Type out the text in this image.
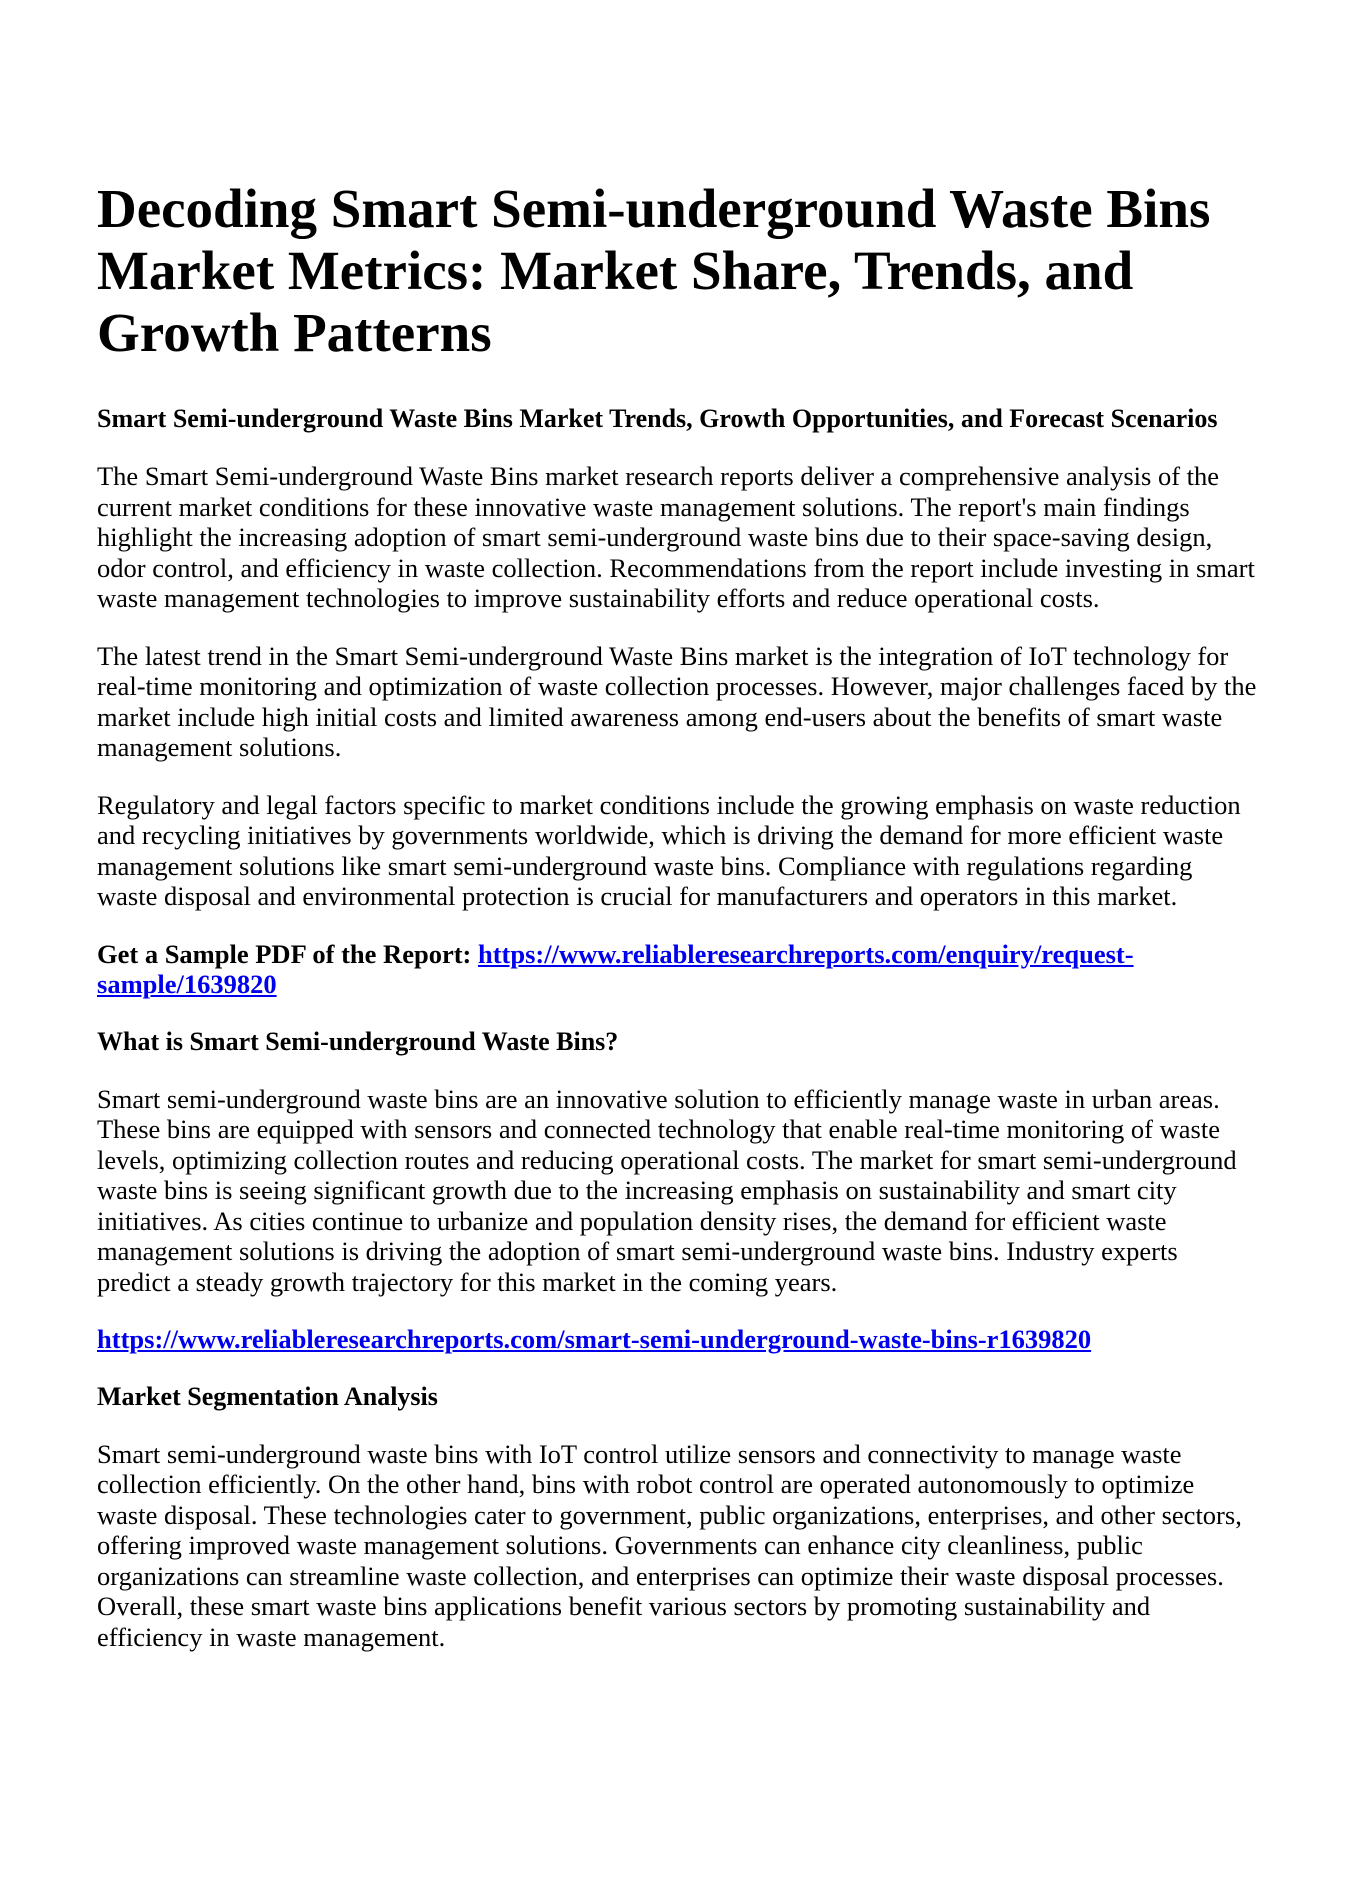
Decoding Smart Semi-underground Waste Bins Market Metrics: Market Share, Trends, and Growth Patterns
Smart Semi-underground Waste Bins Market Trends, Growth Opportunities, and Forecast Scenarios

The Smart Semi-underground Waste Bins market research reports deliver a comprehensive analysis of the current market conditions for these innovative waste management solutions. The report's main findings highlight the increasing adoption of smart semi-underground waste bins due to their space-saving design, odor control, and efficiency in waste collection. Recommendations from the report include investing in smart waste management technologies to improve sustainability efforts and reduce operational costs.

The latest trend in the Smart Semi-underground Waste Bins market is the integration of IoT technology for real-time monitoring and optimization of waste collection processes. However, major challenges faced by the market include high initial costs and limited awareness among end-users about the benefits of smart waste management solutions.

Regulatory and legal factors specific to market conditions include the growing emphasis on waste reduction and recycling initiatives by governments worldwide, which is driving the demand for more efficient waste management solutions like smart semi-underground waste bins. Compliance with regulations regarding waste disposal and environmental protection is crucial for manufacturers and operators in this market.

Get a Sample PDF of the Report: https://www.reliableresearchreports.com/enquiry/request-sample/1639820

What is Smart Semi-underground Waste Bins?

Smart semi-underground waste bins are an innovative solution to efficiently manage waste in urban areas. These bins are equipped with sensors and connected technology that enable real-time monitoring of waste levels, optimizing collection routes and reducing operational costs. The market for smart semi-underground waste bins is seeing significant growth due to the increasing emphasis on sustainability and smart city initiatives. As cities continue to urbanize and population density rises, the demand for efficient waste management solutions is driving the adoption of smart semi-underground waste bins. Industry experts predict a steady growth trajectory for this market in the coming years.

https://www.reliableresearchreports.com/smart-semi-underground-waste-bins-r1639820

Market Segmentation Analysis

Smart semi-underground waste bins with IoT control utilize sensors and connectivity to manage waste collection efficiently. On the other hand, bins with robot control are operated autonomously to optimize waste disposal. These technologies cater to government, public organizations, enterprises, and other sectors, offering improved waste management solutions. Governments can enhance city cleanliness, public organizations can streamline waste collection, and enterprises can optimize their waste disposal processes. Overall, these smart waste bins applications benefit various sectors by promoting sustainability and efficiency in waste management.
